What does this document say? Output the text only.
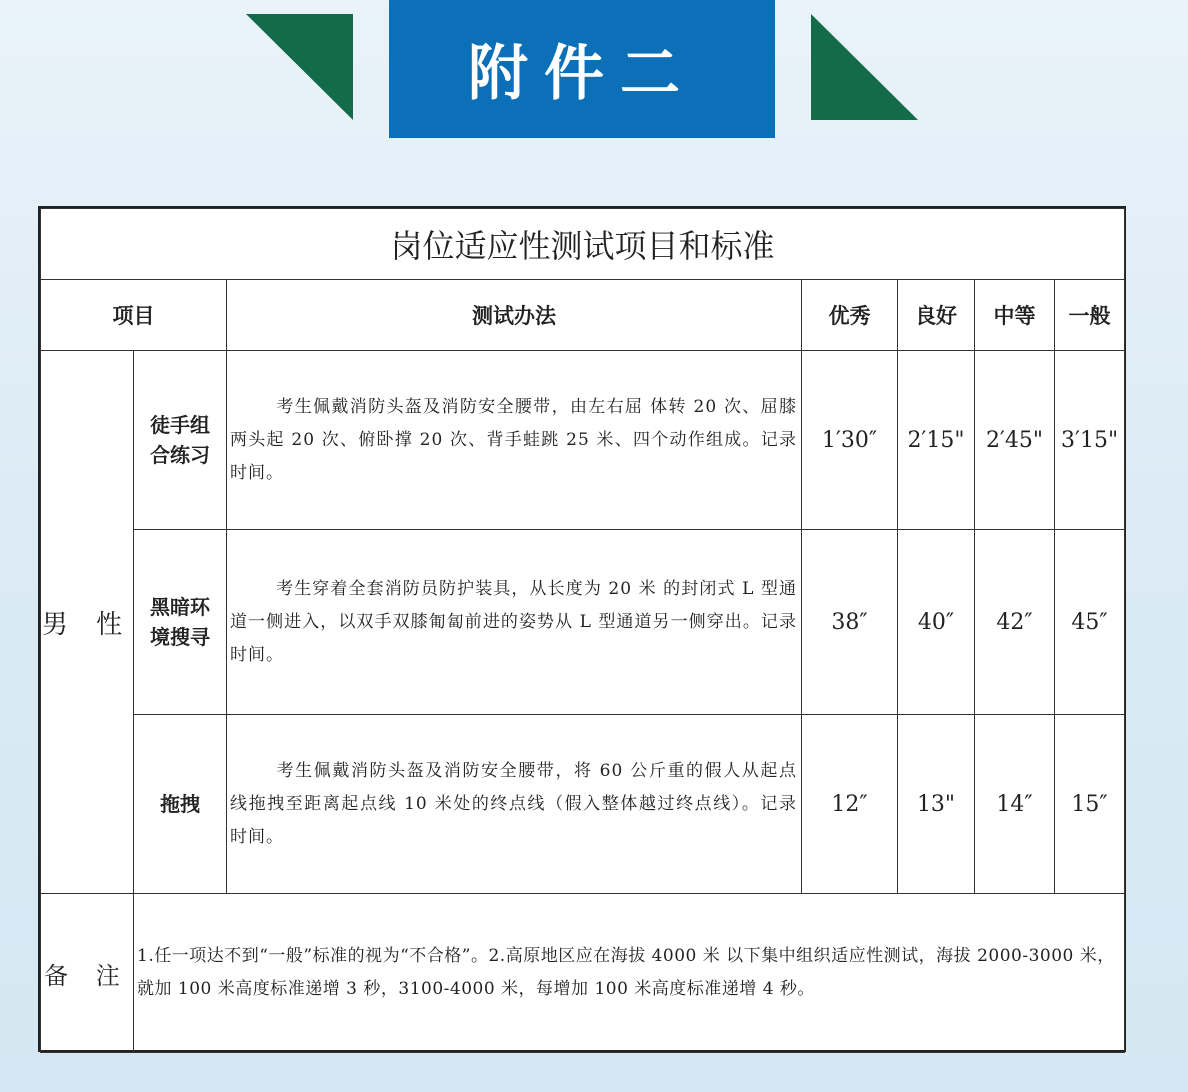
附件二
岗位适应性测试项目和标准						
项目		测试办法	优秀	良好	中等	一般
男 性	徒手组合练习	考生佩戴消防头盔及消防安全腰带，由左右屈 体转 20 次、屈膝两头起 20 次、俯卧撑 20 次、背手蛙跳 25 米、四个动作组成。记录时间。	1′30″	2′15"	2′45"	3′15"
	黑暗环境搜寻	考生穿着全套消防员防护装具，从长度为 20 米 的封闭式 L 型通道一侧进入，以双手双膝匍匐前进的姿势从 L 型通道另一侧穿出。记录时间。	38″	40″	42″	45″
	拖拽	考生佩戴消防头盔及消防安全腰带，将 60 公斤重的假人从起点线拖拽至距离起点线 10 米处的终点线（假入整体越过终点线）。记录时间。	12″	13"	14″	15″
备 注	1.任一项达不到“一般”标准的视为“不合格”。2.高原地区应在海拔 4000 米 以下集中组织适应性测试，海拔 2000-3000 米，就加 100 米高度标准递增 3 秒，3100-4000 米，每增加 100 米高度标准递增 4 秒。					
